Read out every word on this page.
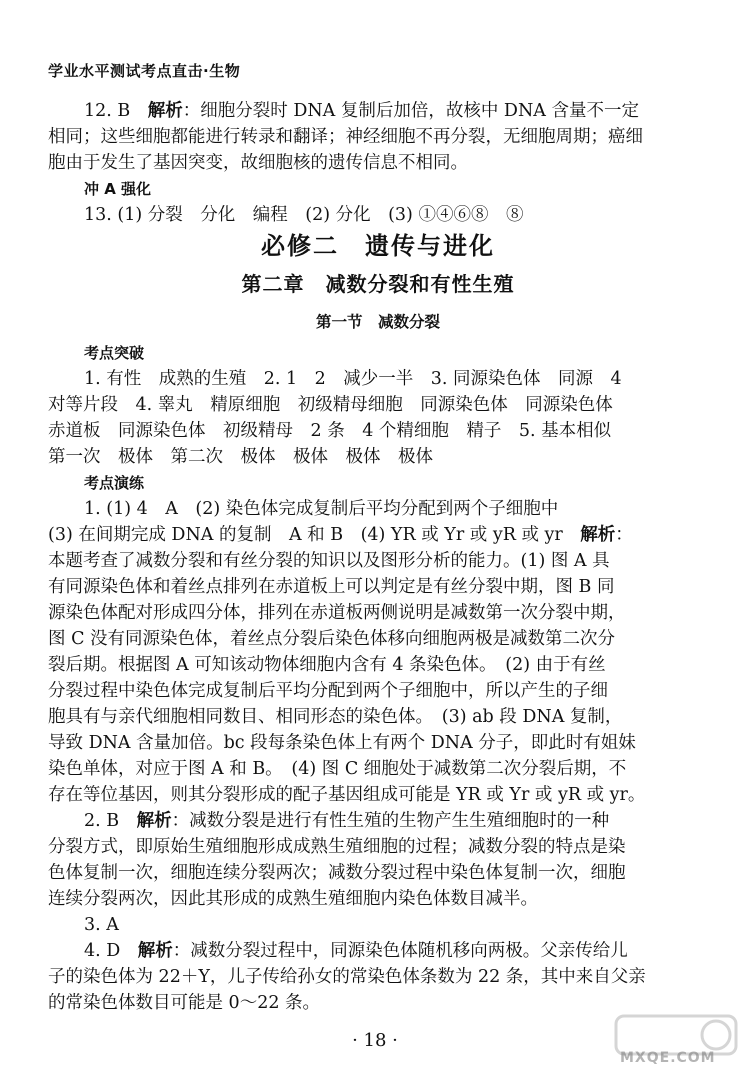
学业水平测试考点直击·生物
12. B　解析：细胞分裂时 DNA 复制后加倍，故核中 DNA 含量不一定
相同；这些细胞都能进行转录和翻译；神经细胞不再分裂，无细胞周期；癌细
胞由于发生了基因突变，故细胞核的遗传信息不相同。
冲 A 强化
13. (1) 分裂　分化　编程　(2) 分化　(3) ①④⑥⑧　⑧
必修二　遗传与进化
第二章　减数分裂和有性生殖
第一节　减数分裂
考点突破
1. 有性　成熟的生殖　2. 1　2　减少一半　3. 同源染色体　同源　4
对等片段　4. 睾丸　精原细胞　初级精母细胞　同源染色体　同源染色体
赤道板　同源染色体　初级精母　2 条　4 个精细胞　精子　5. 基本相似
第一次　极体　第二次　极体　极体　极体　极体
考点演练
1. (1) 4　A　(2) 染色体完成复制后平均分配到两个子细胞中
(3) 在间期完成 DNA 的复制　A 和 B　(4) YR 或 Yr 或 yR 或 yr　解析：
本题考查了减数分裂和有丝分裂的知识以及图形分析的能力。(1) 图 A 具
有同源染色体和着丝点排列在赤道板上可以判定是有丝分裂中期，图 B 同
源染色体配对形成四分体，排列在赤道板两侧说明是减数第一次分裂中期，
图 C 没有同源染色体，着丝点分裂后染色体移向细胞两极是减数第二次分
裂后期。根据图 A 可知该动物体细胞内含有 4 条染色体。　(2) 由于有丝
分裂过程中染色体完成复制后平均分配到两个子细胞中，所以产生的子细
胞具有与亲代细胞相同数目、相同形态的染色体。　(3) ab 段 DNA 复制，
导致 DNA 含量加倍。bc 段每条染色体上有两个 DNA 分子，即此时有姐妹
染色单体，对应于图 A 和 B。　(4) 图 C 细胞处于减数第二次分裂后期，不
存在等位基因，则其分裂形成的配子基因组成可能是 YR 或 Yr 或 yR 或 yr。
2. B　解析：减数分裂是进行有性生殖的生物产生生殖细胞时的一种
分裂方式，即原始生殖细胞形成成熟生殖细胞的过程；减数分裂的特点是染
色体复制一次，细胞连续分裂两次；减数分裂过程中染色体复制一次，细胞
连续分裂两次，因此其形成的成熟生殖细胞内染色体数目减半。
3. A
4. D　解析：减数分裂过程中，同源染色体随机移向两极。父亲传给儿
子的染色体为 22＋Y，儿子传给孙女的常染色体条数为 22 条，其中来自父亲
的常染色体数目可能是 0～22 条。
· 18 ·
MXQE.COM
